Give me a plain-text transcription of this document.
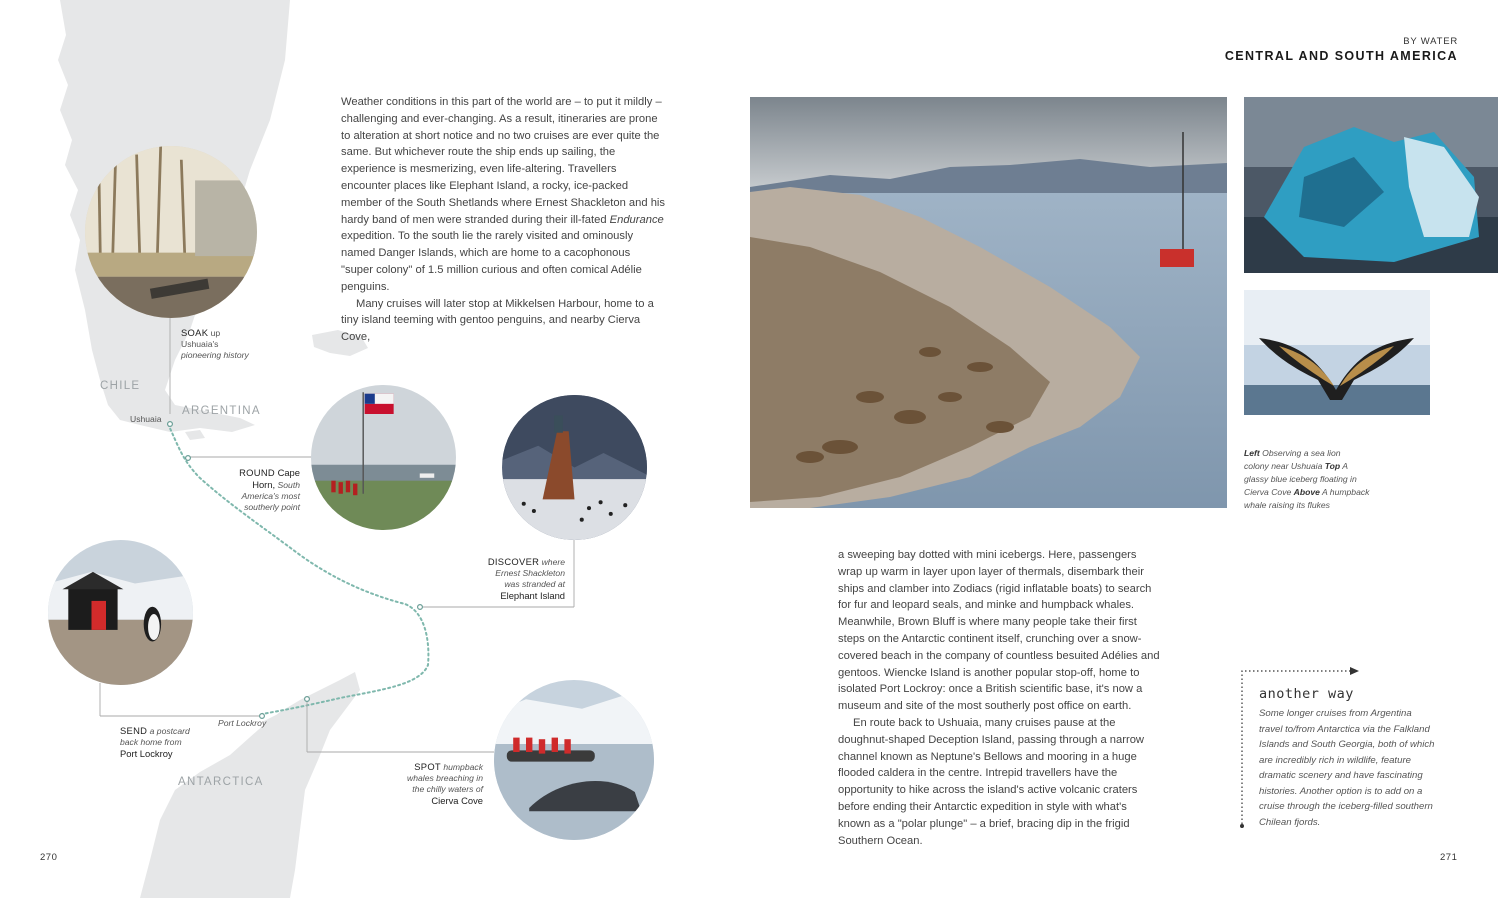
CHILE
ARGENTINA
ANTARCTICA
Ushuaia
Port Lockroy
SOAK up
Ushuaia's
pioneering history
ROUND Cape
Horn, South
America's most
southerly point
DISCOVER where
Ernest Shackleton
was stranded at
Elephant Island
SEND a postcard
back home from
Port Lockroy
SPOT humpback
whales breaching in
the chilly waters of
Cierva Cove

Weather conditions in this part of the world are – to put it mildly – challenging and ever-changing. As a result, itineraries are prone to alteration at short notice and no two cruises are ever quite the same. But whichever route the ship ends up sailing, the experience is mesmerizing, even life-altering. Travellers encounter places like Elephant Island, a rocky, ice-packed member of the South Shetlands where Ernest Shackleton and his hardy band of men were stranded during their ill-fated Endurance expedition. To the south lie the rarely visited and ominously named Danger Islands, which are home to a cacophonous "super colony" of 1.5 million curious and often comical Adélie penguins.

Many cruises will later stop at Mikkelsen Harbour, home to a tiny island teeming with gentoo penguins, and nearby Cierva Cove,

270
BY WATER
CENTRAL AND SOUTH AMERICA
Left Observing a sea lion
colony near Ushuaia Top A
glassy blue iceberg floating in
Cierva Cove Above A humpback
whale raising its flukes

a sweeping bay dotted with mini icebergs. Here, passengers wrap up warm in layer upon layer of thermals, disembark their ships and clamber into Zodiacs (rigid inflatable boats) to search for fur and leopard seals, and minke and humpback whales. Meanwhile, Brown Bluff is where many people take their first steps on the Antarctic continent itself, crunching over a snow-covered beach in the company of countless besuited Adélies and gentoos. Wiencke Island is another popular stop-off, home to isolated Port Lockroy: once a British scientific base, it's now a museum and site of the most southerly post office on earth.

En route back to Ushuaia, many cruises pause at the doughnut-shaped Deception Island, passing through a narrow channel known as Neptune's Bellows and mooring in a huge flooded caldera in the centre. Intrepid travellers have the opportunity to hike across the island's active volcanic craters before ending their Antarctic expedition in style with what's known as a "polar plunge" – a brief, bracing dip in the frigid Southern Ocean.

another way
Some longer cruises from Argentina travel to/from Antarctica via the Falkland Islands and South Georgia, both of which are incredibly rich in wildlife, feature dramatic scenery and have fascinating histories. Another option is to add on a cruise through the iceberg-filled southern Chilean fjords.
271
